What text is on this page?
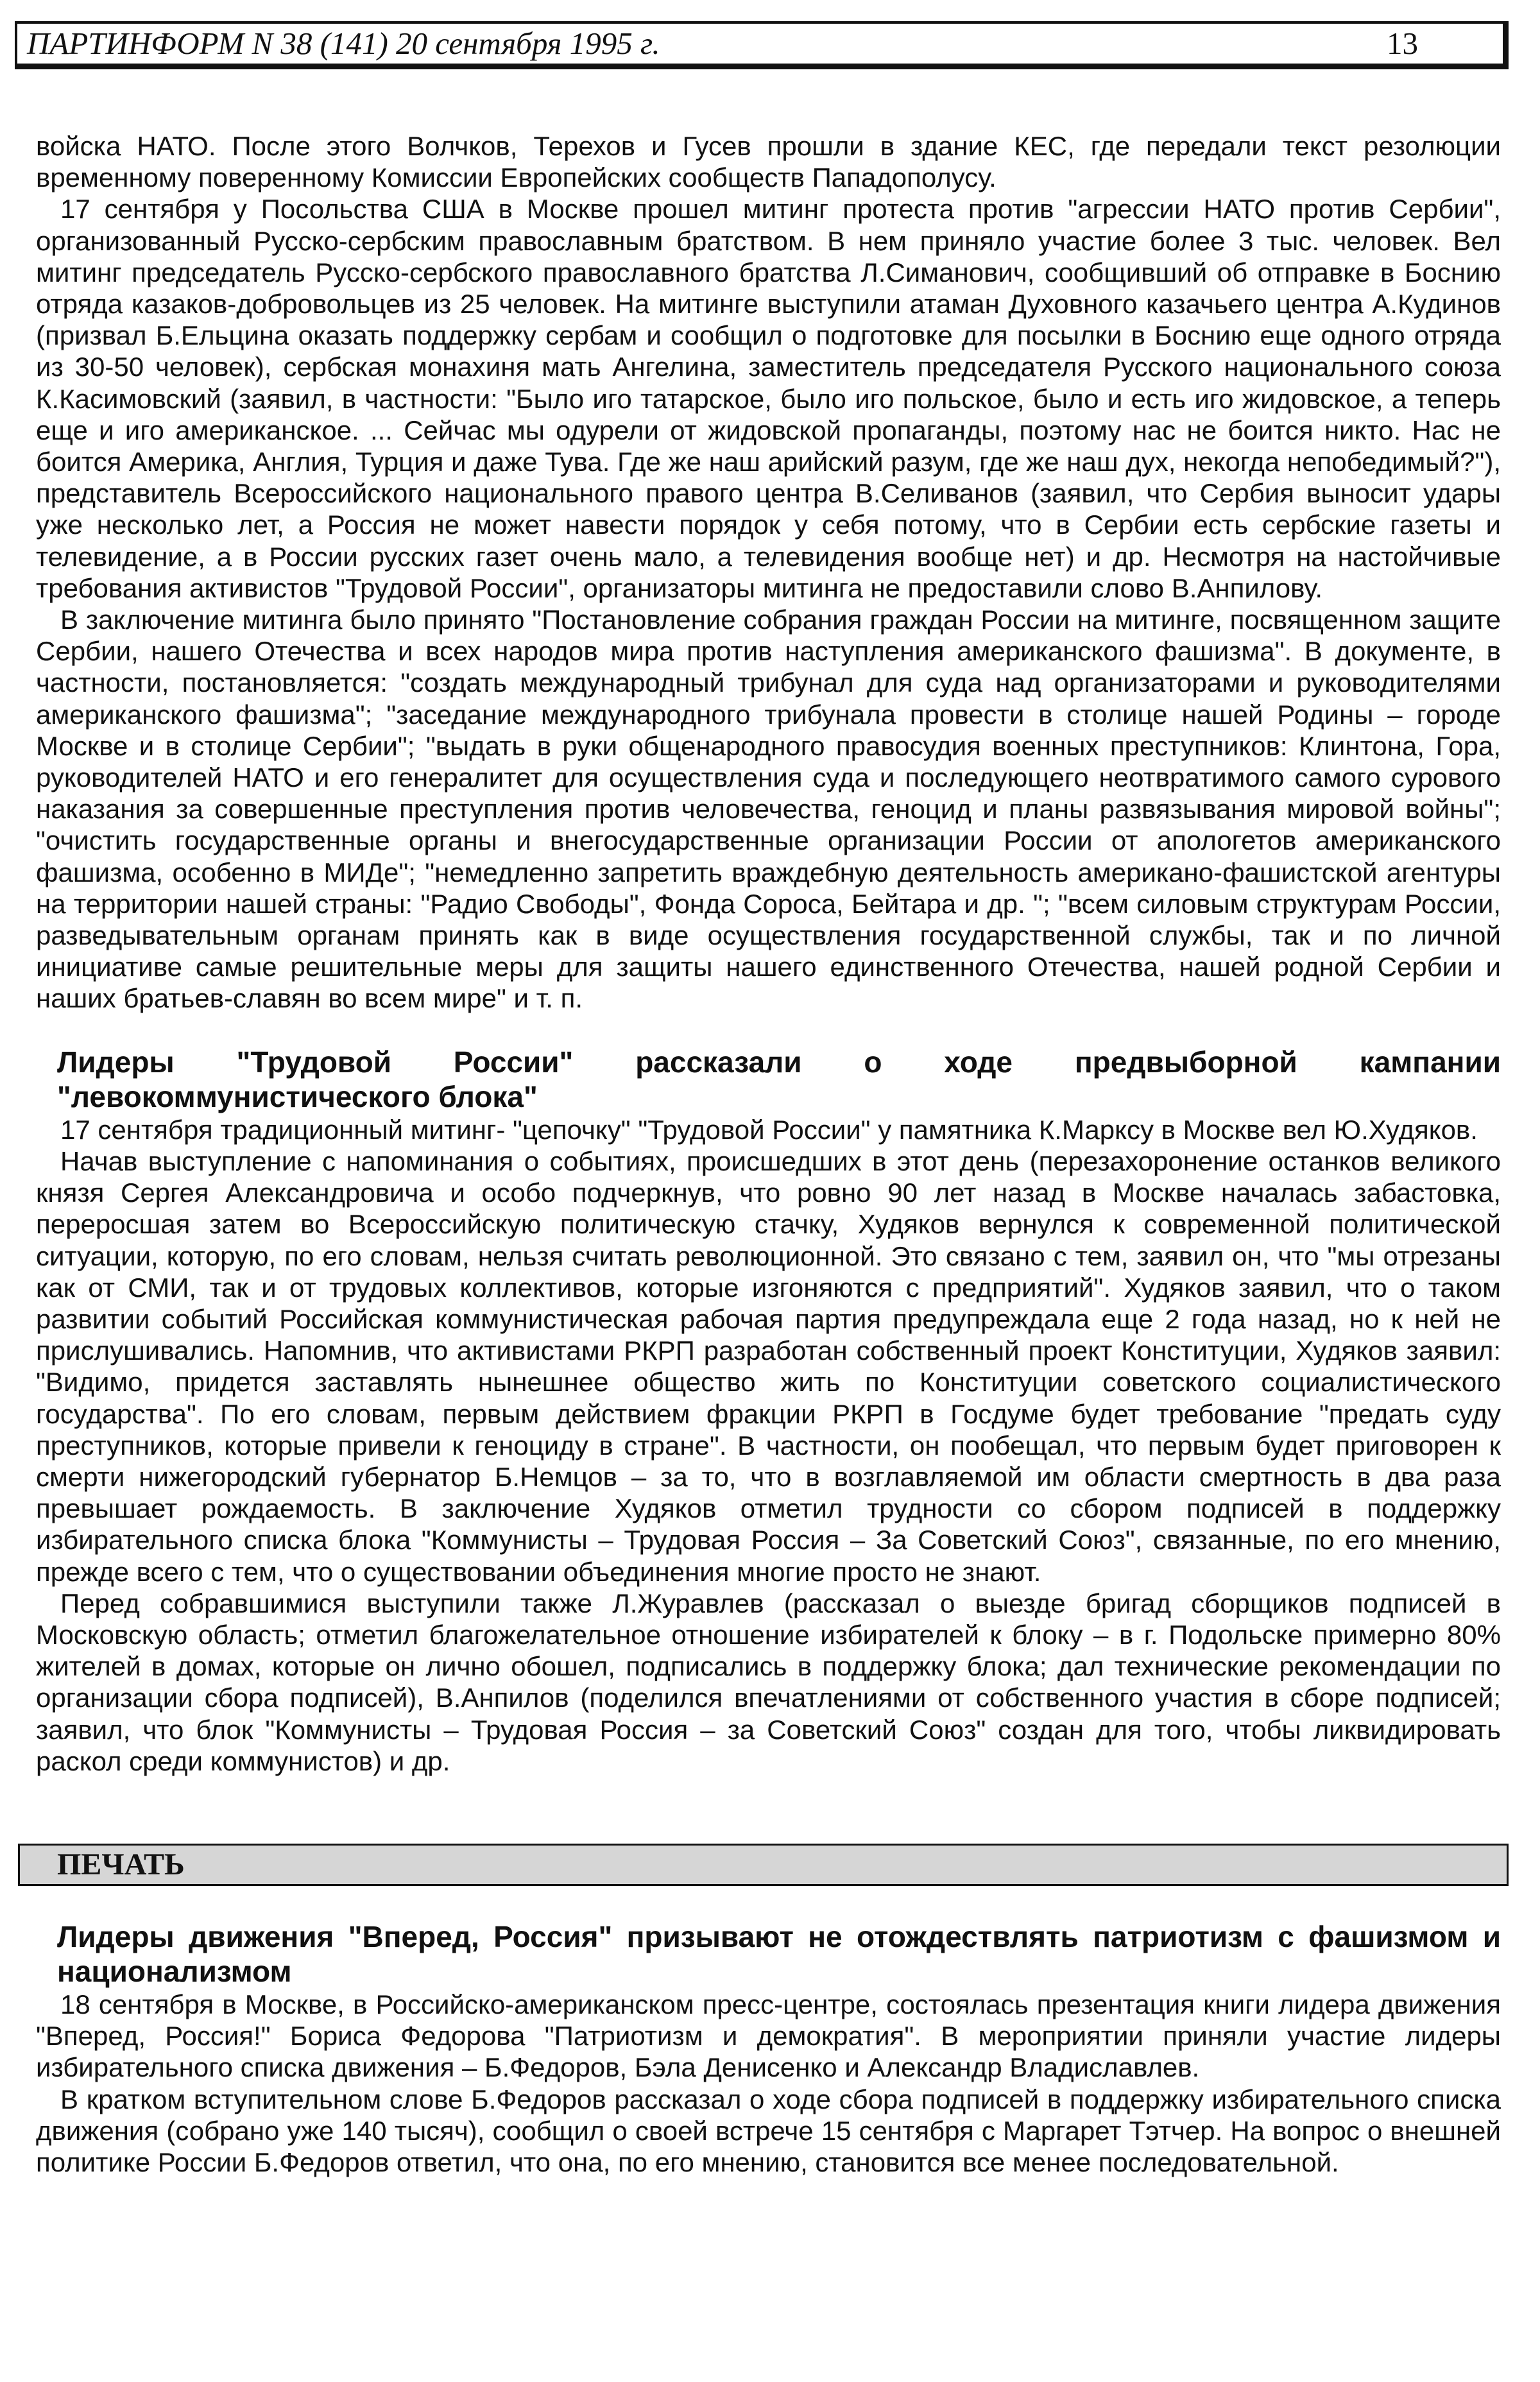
ПАРТИНФОРМ N 38 (141) 20 сентября 1995 г.	13

войска НАТО. После этого Волчков, Терехов и Гусев прошли в здание КЕС, где передали текст резолюции временному поверенному Комиссии Европейских сообществ Пападополусу.

17 сентября у Посольства США в Москве прошел митинг протеста против "агрессии НАТО против Сербии", организованный Русско-сербским православным братством. В нем приняло участие более 3 тыс. человек. Вел митинг председатель Русско-сербского православного братства Л.Симанович, сообщивший об отправке в Боснию отряда казаков-добровольцев из 25 человек. На митинге выступили атаман Духовного казачьего центра А.Кудинов (призвал Б.Ельцина оказать поддержку сербам и сообщил о подготовке для посылки в Боснию еще одного отряда из 30-50 человек), сербская монахиня мать Ангелина, заместитель председателя Русского национального союза К.Касимовский (заявил, в частности: "Было иго татарское, было иго польское, было и есть иго жидовское, а теперь еще и иго американское. ... Сейчас мы одурели от жидовской пропаганды, поэтому нас не боится никто. Нас не боится Америка, Англия, Турция и даже Тува. Где же наш арийский разум, где же наш дух, некогда непобедимый?"), представитель Всероссийского национального правого центра В.Селиванов (заявил, что Сербия выносит удары уже несколько лет, а Россия не может навести порядок у себя потому, что в Сербии есть сербские газеты и телевидение, а в России русских газет очень мало, а телевидения вообще нет) и др. Несмотря на настойчивые требования активистов "Трудовой России", организаторы митинга не предоставили слово В.Анпилову.

В заключение митинга было принято "Постановление собрания граждан России на митинге, посвященном защите Сербии, нашего Отечества и всех народов мира против наступления американского фашизма". В документе, в частности, постановляется: "создать международный трибунал для суда над организаторами и руководителями американского фашизма"; "заседание международного трибунала провести в столице нашей Родины – городе Москве и в столице Сербии"; "выдать в руки общенародного правосудия военных преступников: Клинтона, Гора, руководителей НАТО и его генералитет для осуществления суда и последующего неотвратимого самого сурового наказания за совершенные преступления против человечества, геноцид и планы развязывания мировой войны"; "очистить государственные органы и внегосударственные организации России от апологетов американского фашизма, особенно в МИДе"; "немедленно запретить враждебную деятельность американо-фашистской агентуры на территории нашей страны: "Радио Свободы", Фонда Сороса, Бейтара и др. "; "всем силовым структурам России, разведывательным органам принять как в виде осуществления государственной службы, так и по личной инициативе самые решительные меры для защиты нашего единственного Отечества, нашей родной Сербии и наших братьев-славян во всем мире" и т. п.

Лидеры "Трудовой России" рассказали о ходе предвыборной кампании "левокоммунистического блока"

17 сентября традиционный митинг- "цепочку" "Трудовой России" у памятника К.Марксу в Москве вел Ю.Худяков.

Начав выступление с напоминания о событиях, происшедших в этот день (перезахоронение останков великого князя Сергея Александровича и особо подчеркнув, что ровно 90 лет назад в Москве началась забастовка, переросшая затем во Всероссийскую политическую стачку, Худяков вернулся к современной политической ситуации, которую, по его словам, нельзя считать революционной. Это связано с тем, заявил он, что "мы отрезаны как от СМИ, так и от трудовых коллективов, которые изгоняются с предприятий". Худяков заявил, что о таком развитии событий Российская коммунистическая рабочая партия предупреждала еще 2 года назад, но к ней не прислушивались. Напомнив, что активистами РКРП разработан собственный проект Конституции, Худяков заявил: "Видимо, придется заставлять нынешнее общество жить по Конституции советского социалистического государства". По его словам, первым действием фракции РКРП в Госдуме будет требование "предать суду преступников, которые привели к геноциду в стране". В частности, он пообещал, что первым будет приговорен к смерти нижегородский губернатор Б.Немцов – за то, что в возглавляемой им области смертность в два раза превышает рождаемость. В заключение Худяков отметил трудности со сбором подписей в поддержку избирательного списка блока "Коммунисты – Трудовая Россия – За Советский Союз", связанные, по его мнению, прежде всего с тем, что о существовании объединения многие просто не знают.

Перед собравшимися выступили также Л.Журавлев (рассказал о выезде бригад сборщиков подписей в Московскую область; отметил благожелательное отношение избирателей к блоку – в г. Подольске примерно 80% жителей в домах, которые он лично обошел, подписались в поддержку блока; дал технические рекомендации по организации сбора подписей), В.Анпилов (поделился впечатлениями от собственного участия в сборе подписей; заявил, что блок "Коммунисты – Трудовая Россия – за Советский Союз" создан для того, чтобы ликвидировать раскол среди коммунистов) и др.

ПЕЧАТЬ
Лидеры движения "Вперед, Россия" призывают не отождествлять патриотизм с фашизмом и национализмом

18 сентября в Москве, в Российско-американском пресс-центре, состоялась презентация книги лидера движения "Вперед, Россия!" Бориса Федорова "Патриотизм и демократия". В мероприятии приняли участие лидеры избирательного списка движения – Б.Федоров, Бэла Денисенко и Александр Владиславлев.

В кратком вступительном слове Б.Федоров рассказал о ходе сбора подписей в поддержку избирательного списка движения (собрано уже 140 тысяч), сообщил о своей встрече 15 сентября с Маргарет Тэтчер. На вопрос о внешней политике России Б.Федоров ответил, что она, по его мнению, становится все менее последовательной.
